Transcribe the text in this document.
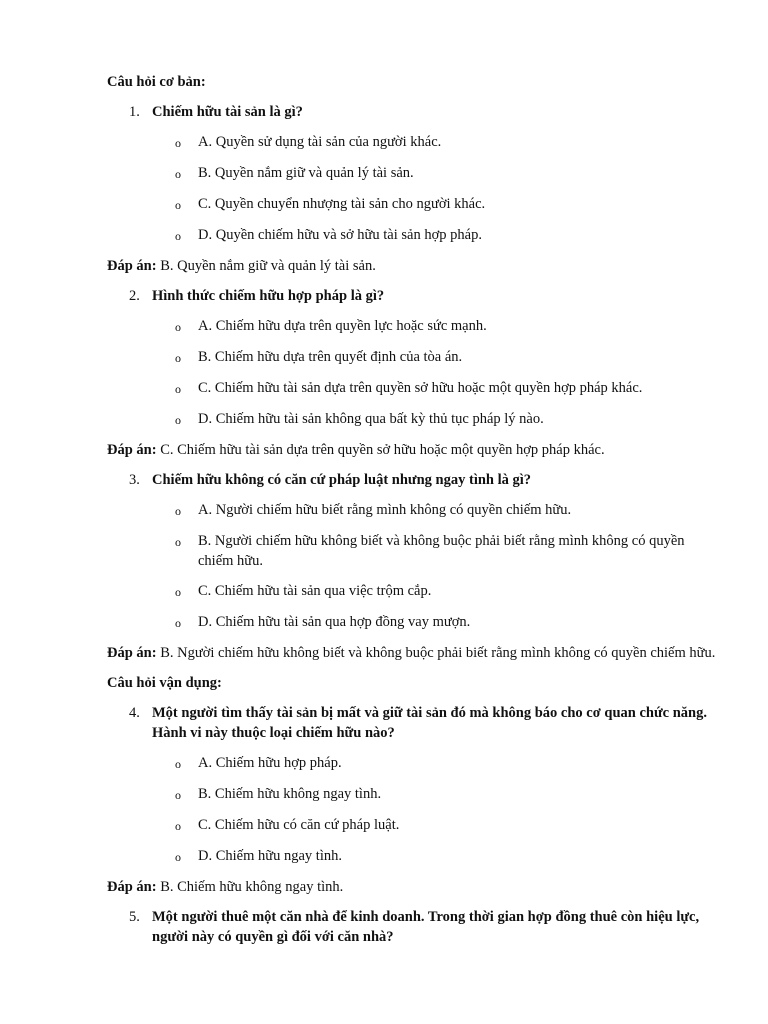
Câu hỏi cơ bản:
1. Chiếm hữu tài sản là gì?
o	A. Quyền sử dụng tài sản của người khác.
o	B. Quyền nắm giữ và quản lý tài sản.
o	C. Quyền chuyển nhượng tài sản cho người khác.
o	D. Quyền chiếm hữu và sở hữu tài sản hợp pháp.
Đáp án: B. Quyền nắm giữ và quản lý tài sản.
2. Hình thức chiếm hữu hợp pháp là gì?
o	A. Chiếm hữu dựa trên quyền lực hoặc sức mạnh.
o	B. Chiếm hữu dựa trên quyết định của tòa án.
o	C. Chiếm hữu tài sản dựa trên quyền sở hữu hoặc một quyền hợp pháp khác.
o	D. Chiếm hữu tài sản không qua bất kỳ thủ tục pháp lý nào.
Đáp án: C. Chiếm hữu tài sản dựa trên quyền sở hữu hoặc một quyền hợp pháp khác.
3. Chiếm hữu không có căn cứ pháp luật nhưng ngay tình là gì?
o	A. Người chiếm hữu biết rằng mình không có quyền chiếm hữu.
o	B. Người chiếm hữu không biết và không buộc phải biết rằng mình không có quyền chiếm hữu.
o	C. Chiếm hữu tài sản qua việc trộm cắp.
o	D. Chiếm hữu tài sản qua hợp đồng vay mượn.
Đáp án: B. Người chiếm hữu không biết và không buộc phải biết rằng mình không có quyền chiếm hữu.
Câu hỏi vận dụng:
4. Một người tìm thấy tài sản bị mất và giữ tài sản đó mà không báo cho cơ quan chức năng. Hành vi này thuộc loại chiếm hữu nào?
o	A. Chiếm hữu hợp pháp.
o	B. Chiếm hữu không ngay tình.
o	C. Chiếm hữu có căn cứ pháp luật.
o	D. Chiếm hữu ngay tình.
Đáp án: B. Chiếm hữu không ngay tình.
5. Một người thuê một căn nhà để kinh doanh. Trong thời gian hợp đồng thuê còn hiệu lực, người này có quyền gì đối với căn nhà?
